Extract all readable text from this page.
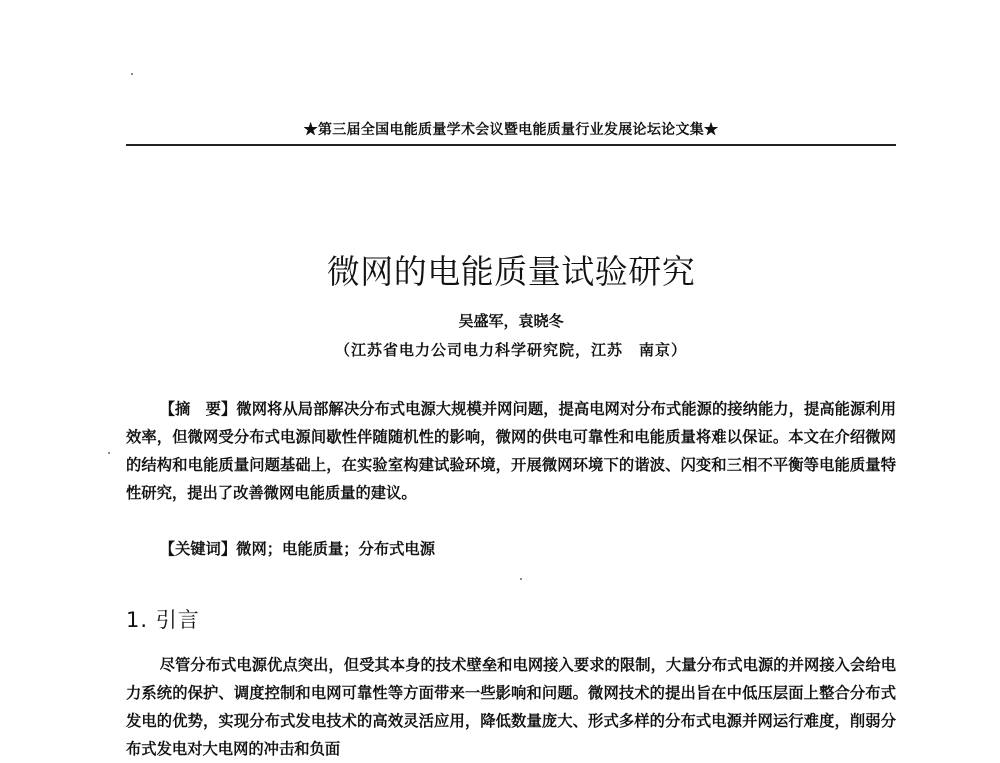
★第三届全国电能质量学术会议暨电能质量行业发展论坛论文集★
微网的电能质量试验研究
吴盛军，袁晓冬
（江苏省电力公司电力科学研究院，江苏　南京）

【摘　要】微网将从局部解决分布式电源大规模并网问题，提高电网对分布式能源的接纳能力，提高能源利用效率，但微网受分布式电源间歇性伴随随机性的影响，微网的供电可靠性和电能质量将难以保证。本文在介绍微网的结构和电能质量问题基础上，在实验室构建试验环境，开展微网环境下的谐波、闪变和三相不平衡等电能质量特性研究，提出了改善微网电能质量的建议。

【关键词】微网；电能质量；分布式电源

1. 引言

尽管分布式电源优点突出，但受其本身的技术壁垒和电网接入要求的限制，大量分布式电源的并网接入会给电力系统的保护、调度控制和电网可靠性等方面带来一些影响和问题。微网技术的提出旨在中低压层面上整合分布式发电的优势，实现分布式发电技术的高效灵活应用，降低数量庞大、形式多样的分布式电源并网运行难度，削弱分布式发电对大电网的冲击和负面
